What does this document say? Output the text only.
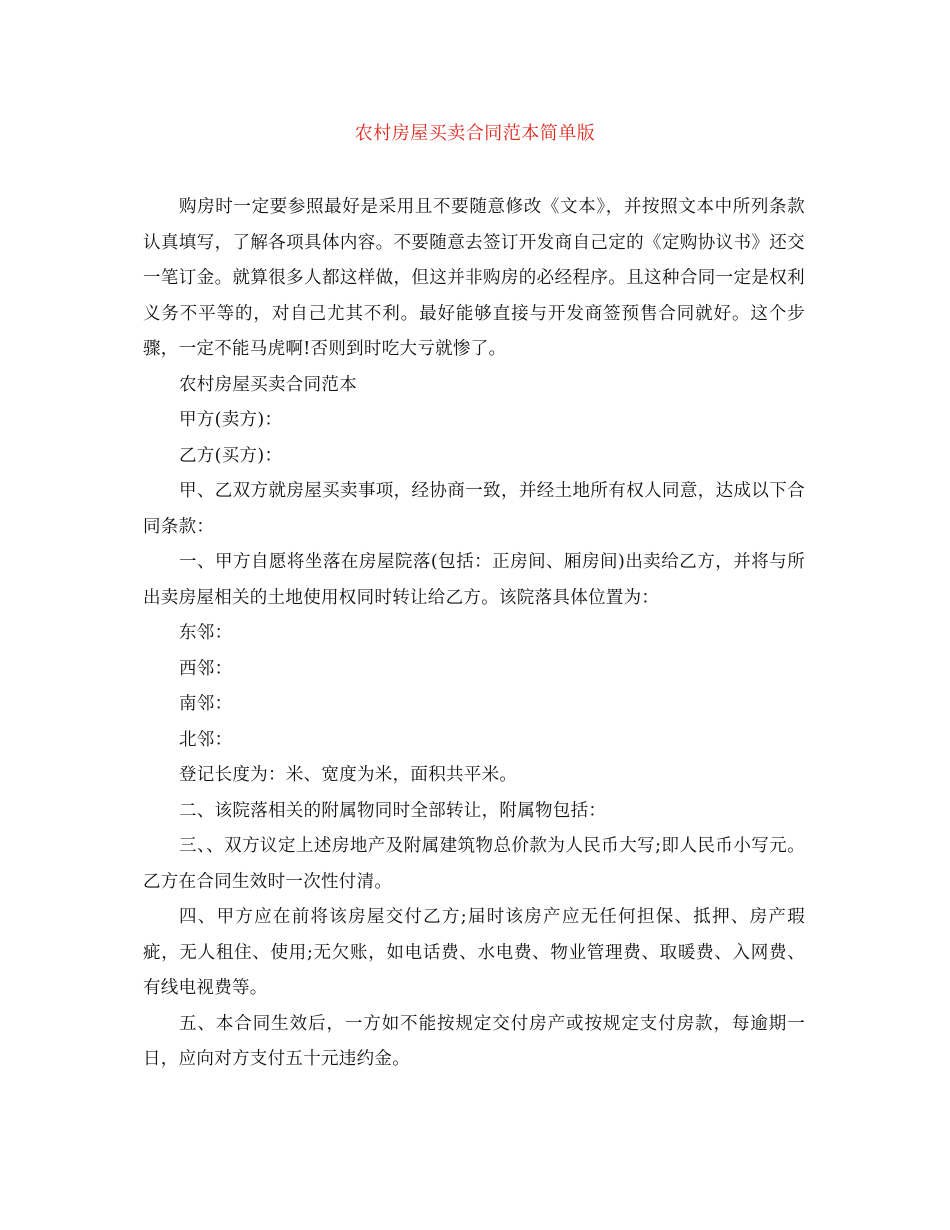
农村房屋买卖合同范本简单版

购房时一定要参照最好是采用且不要随意修改《文本》，并按照文本中所列条款认真填写，了解各项具体内容。不要随意去签订开发商自己定的《定购协议书》还交一笔订金。就算很多人都这样做，但这并非购房的必经程序。且这种合同一定是权利义务不平等的，对自己尤其不利。最好能够直接与开发商签预售合同就好。这个步骤，一定不能马虎啊!否则到时吃大亏就惨了。

农村房屋买卖合同范本

甲方(卖方)：

乙方(买方)：

甲、乙双方就房屋买卖事项，经协商一致，并经土地所有权人同意，达成以下合同条款：

一、甲方自愿将坐落在房屋院落(包括：正房间、厢房间)出卖给乙方，并将与所出卖房屋相关的土地使用权同时转让给乙方。该院落具体位置为：

东邻：

西邻：

南邻：

北邻：

登记长度为：米、宽度为米，面积共平米。

二、该院落相关的附属物同时全部转让，附属物包括：

三、、双方议定上述房地产及附属建筑物总价款为人民币大写;即人民币小写元。乙方在合同生效时一次性付清。

四、甲方应在前将该房屋交付乙方;届时该房产应无任何担保、抵押、房产瑕疵，无人租住、使用;无欠账，如电话费、水电费、物业管理费、取暖费、入网费、有线电视费等。

五、本合同生效后，一方如不能按规定交付房产或按规定支付房款，每逾期一日，应向对方支付五十元违约金。
